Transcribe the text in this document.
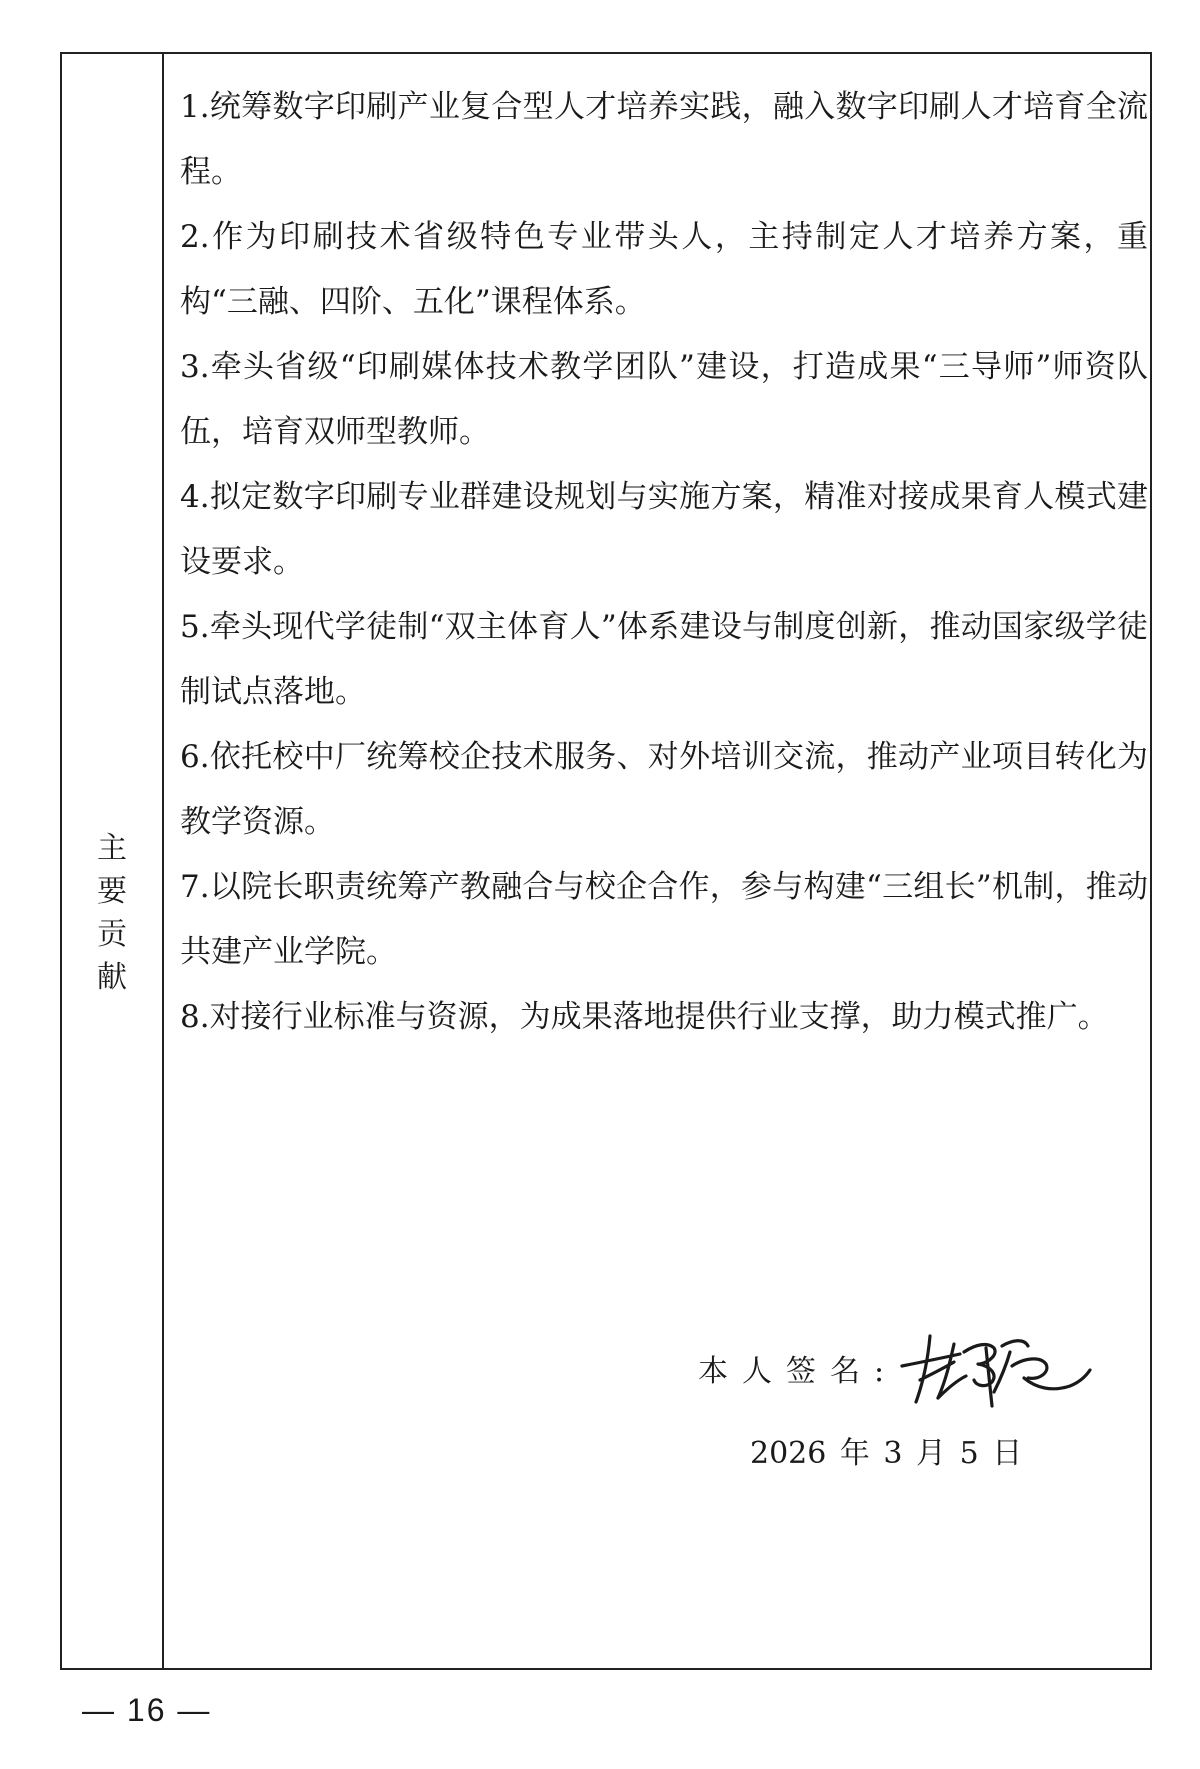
主
要
贡
献
1.统筹数字印刷产业复合型人才培养实践，融入数字印刷人才培育全流程。
2.作为印刷技术省级特色专业带头人，主持制定人才培养方案，重构“三融、四阶、五化”课程体系。
3.牵头省级“印刷媒体技术教学团队”建设，打造成果“三导师”师资队伍，培育双师型教师。
4.拟定数字印刷专业群建设规划与实施方案，精准对接成果育人模式建设要求。
5.牵头现代学徒制“双主体育人”体系建设与制度创新，推动国家级学徒制试点落地。
6.依托校中厂统筹校企技术服务、对外培训交流，推动产业项目转化为教学资源。
7.以院长职责统筹产教融合与校企合作，参与构建“三组长”机制，推动共建产业学院。
8.对接行业标准与资源，为成果落地提供行业支撑，助力模式推广。
本人签名:
2026 年 3 月 5 日
— 16 —
